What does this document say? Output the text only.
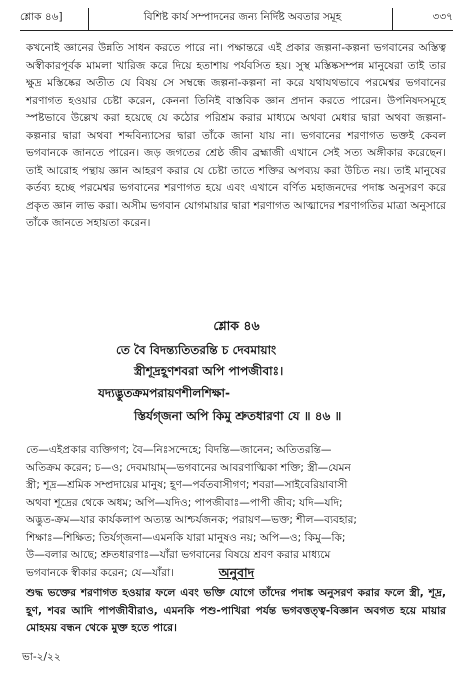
শ্লোক ৪৬]	বিশিষ্ট কার্য সম্পাদনের জন্য নির্দিষ্ট অবতার সমূহ	৩৩৭
কখনোই জ্ঞানের উন্নতি সাধন করতে পারে না। পক্ষান্তরে এই প্রকার জল্পনা-কল্পনা ভগবানের অস্তিত্ব অস্বীকারপূর্বক মামলা খারিজ করে দিয়ে হতাশায় পর্যবসিত হয়। সুস্থ মস্তিষ্কসম্পন্ন মানুষেরা তাই তার ক্ষুদ্র মস্তিষ্কের অতীত যে বিষয় সে সম্বন্ধে জল্পনা-কল্পনা না করে যথাযথভাবে পরমেশ্বর ভগবানের শরণাগত হওয়ার চেষ্টা করেন, কেননা তিনিই বাস্তবিক জ্ঞান প্রদান করতে পারেন। উপনিষদসমূহে স্পষ্টভাবে উল্লেখ করা হয়েছে যে কঠোর পরিশ্রম করার মাধ্যমে অথবা মেধার দ্বারা অথবা জল্পনা-কল্পনার দ্বারা অথবা শব্দবিন্যাসের দ্বারা তাঁকে জানা যায় না। ভগবানের শরণাগত ভক্তই কেবল ভগবানকে জানতে পারেন। জড় জগতের শ্রেষ্ঠ জীব ব্রহ্মাজী এখানে সেই সত্য অঙ্গীকার করেছেন। তাই আরোহ পন্থায় জ্ঞান আহরণ করার যে চেষ্টা তাতে শক্তির অপব্যয় করা উচিত নয়। তাই মানুষের কর্তব্য হচ্ছে পরমেশ্বর ভগবানের শরণাগত হয়ে এবং এখানে বর্ণিত মহাজনদের পদাঙ্ক অনুসরণ করে প্রকৃত জ্ঞান লাভ করা। অসীম ভগবান যোগমায়ার দ্বারা শরণাগত আত্মাদের শরণাগতির মাত্রা অনুসারে তাঁকে জানতে সহায়তা করেন।
শ্লোক ৪৬
তে বৈ বিদন্ত্যতিতরন্তি চ দেবমায়াং
স্ত্রীশূদ্রহূণশবরা অপি পাপজীবাঃ।
যদ্যদ্ভুতক্রমপরায়ণশীলশিক্ষা-
স্তির্যগ্জনা অপি কিমু শ্রুতধারণা যে ॥ ৪৬ ॥
তে—এইপ্রকার ব্যক্তিগণ; বৈ—নিঃসন্দেহে; বিদন্তি—জানেন; অতিতরন্তি—
অতিক্রম করেন; চ—ও; দেবমায়াম্—ভগবানের আবরণাত্মিকা শক্তি; স্ত্রী—যেমন
স্ত্রী; শূদ্র—শ্রমিক সম্প্রদায়ের মানুষ; হূণ—পর্বতবাসীগণ; শবরা—সাইবেরিয়াবাসী
অথবা শূদ্রের থেকে অধম; অপি—যদিও; পাপজীবাঃ—পাপী জীব; যদি—যদি;
অদ্ভুত-ক্রম—যার কার্যকলাপ অত্যন্ত আশ্চর্যজনক; পরায়ণ—ভক্ত; শীল—ব্যবহার;
শিক্ষাঃ—শিক্ষিত; তির্যগ্জনা—এমনকি যারা মানুষও নয়; অপি—ও; কিমু—কি;
উ—বলার আছে; শ্রুতধারণাঃ—যাঁরা ভগবানের বিষয়ে শ্রবণ করার মাধ্যমে
ভগবানকে স্বীকার করেন; যে—যাঁরা।	অনুবাদ
শুদ্ধ ভক্তের শরণাগত হওয়ার ফলে এবং ভক্তি যোগে তাঁদের পদাঙ্ক অনুসরণ করার ফলে স্ত্রী, শূদ্র, হূণ, শবর আদি পাপজীবীরাও, এমনকি পশু-পাখিরা পর্যন্ত ভগবত্তত্ত্ব-বিজ্ঞান অবগত হয়ে মায়ার মোহময় বন্ধন থেকে মুক্ত হতে পারে।
ভা-২/২২
